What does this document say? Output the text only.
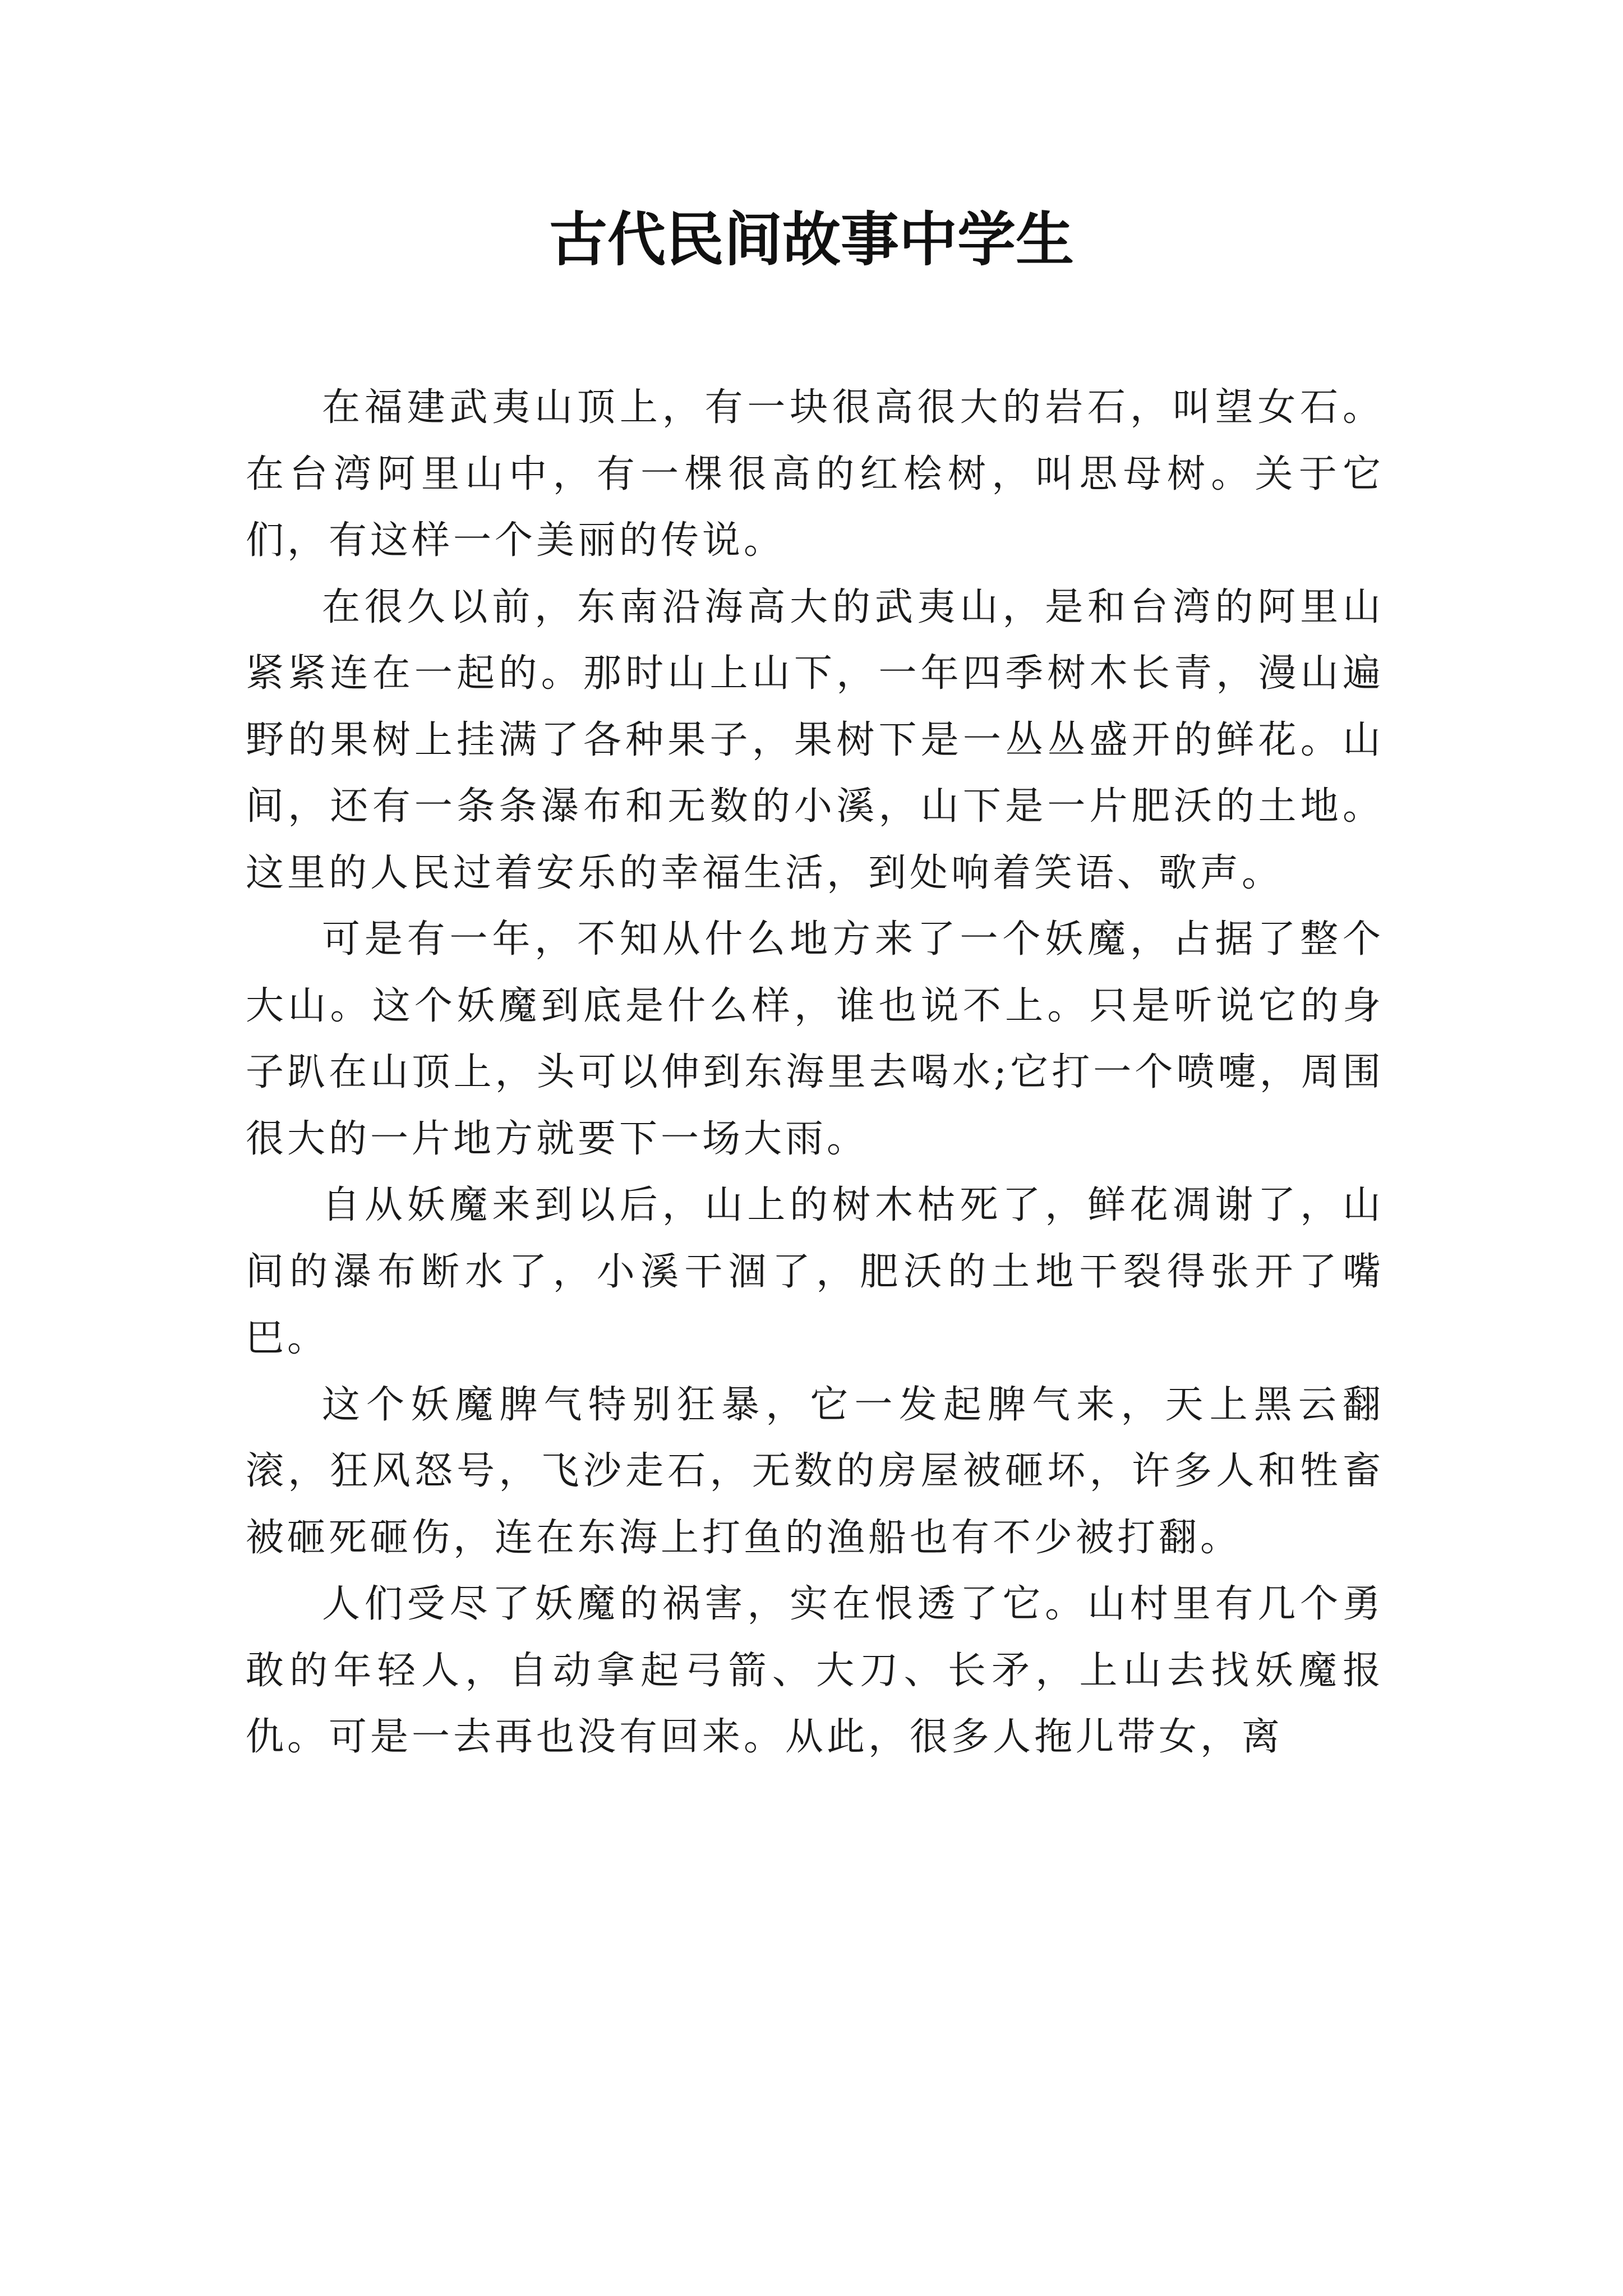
古代民间故事中学生

在福建武夷山顶上，有一块很高很大的岩石，叫望女石。在台湾阿里山中，有一棵很高的红桧树，叫思母树。关于它们，有这样一个美丽的传说。

在很久以前，东南沿海高大的武夷山，是和台湾的阿里山紧紧连在一起的。那时山上山下，一年四季树木长青，漫山遍野的果树上挂满了各种果子，果树下是一丛丛盛开的鲜花。山间，还有一条条瀑布和无数的小溪，山下是一片肥沃的土地。这里的人民过着安乐的幸福生活，到处响着笑语、歌声。

可是有一年，不知从什么地方来了一个妖魔，占据了整个大山。这个妖魔到底是什么样，谁也说不上。只是听说它的身子趴在山顶上，头可以伸到东海里去喝水;它打一个喷嚏，周围很大的一片地方就要下一场大雨。

自从妖魔来到以后，山上的树木枯死了，鲜花凋谢了，山间的瀑布断水了，小溪干涸了，肥沃的土地干裂得张开了嘴巴。

这个妖魔脾气特别狂暴，它一发起脾气来，天上黑云翻滚，狂风怒号，飞沙走石，无数的房屋被砸坏，许多人和牲畜被砸死砸伤，连在东海上打鱼的渔船也有不少被打翻。

人们受尽了妖魔的祸害，实在恨透了它。山村里有几个勇敢的年轻人，自动拿起弓箭、大刀、长矛，上山去找妖魔报仇。可是一去再也没有回来。从此，很多人拖儿带女，离
